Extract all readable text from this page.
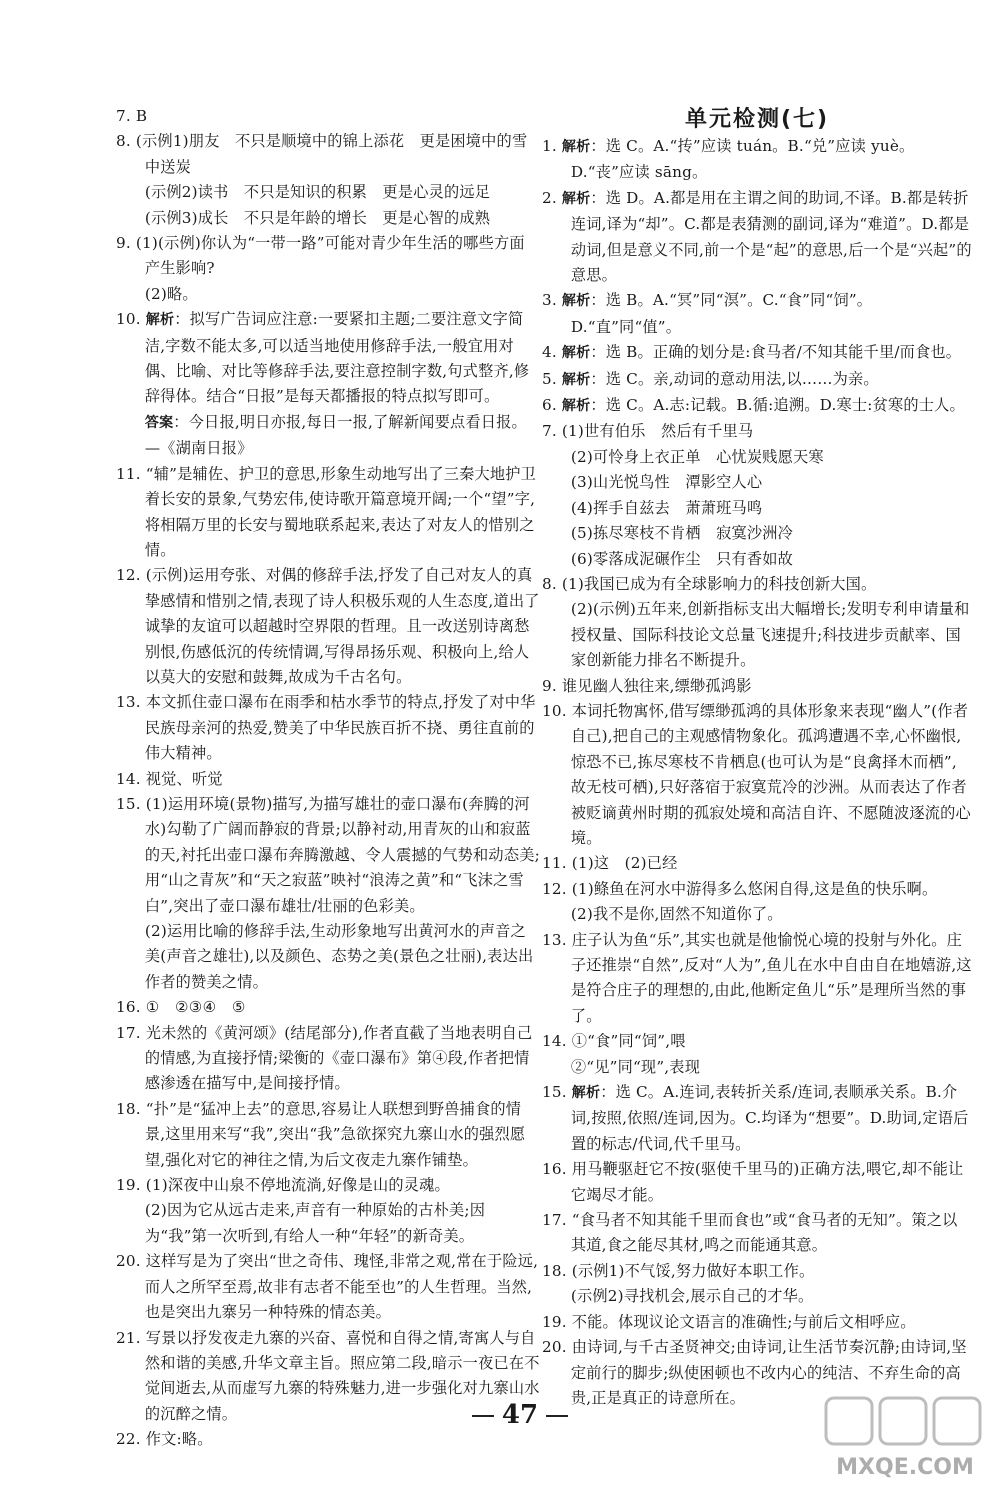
7. B

8. (示例1)朋友　不只是顺境中的锦上添花　更是困境中的雪中送炭

(示例2)读书　不只是知识的积累　更是心灵的远足

(示例3)成长　不只是年龄的增长　更是心智的成熟

9. (1)(示例)你认为“一带一路”可能对青少年生活的哪些方面产生影响?

(2)略。

10. 解析：拟写广告词应注意:一要紧扣主题;二要注意文字简洁,字数不能太多,可以适当地使用修辞手法,一般宜用对偶、比喻、对比等修辞手法,要注意控制字数,句式整齐,修辞得体。结合“日报”是每天都播报的特点拟写即可。

答案：今日报,明日亦报,每日一报,了解新闻要点看日报。　—《湖南日报》

11. “辅”是辅佐、护卫的意思,形象生动地写出了三秦大地护卫着长安的景象,气势宏伟,使诗歌开篇意境开阔;一个“望”字,将相隔万里的长安与蜀地联系起来,表达了对友人的惜别之情。

12. (示例)运用夸张、对偶的修辞手法,抒发了自己对友人的真挚感情和惜别之情,表现了诗人积极乐观的人生态度,道出了诚挚的友谊可以超越时空界限的哲理。且一改送别诗离愁别恨,伤感低沉的传统情调,写得昂扬乐观、积极向上,给人以莫大的安慰和鼓舞,故成为千古名句。

13. 本文抓住壶口瀑布在雨季和枯水季节的特点,抒发了对中华民族母亲河的热爱,赞美了中华民族百折不挠、勇往直前的伟大精神。

14. 视觉、听觉

15. (1)运用环境(景物)描写,为描写雄壮的壶口瀑布(奔腾的河水)勾勒了广阔而静寂的背景;以静衬动,用青灰的山和寂蓝的天,衬托出壶口瀑布奔腾激越、令人震撼的气势和动态美;用“山之青灰”和“天之寂蓝”映衬“浪涛之黄”和“飞沫之雪白”,突出了壶口瀑布雄壮/壮丽的色彩美。

(2)运用比喻的修辞手法,生动形象地写出黄河水的声音之美(声音之雄壮),以及颜色、态势之美(景色之壮丽),表达出作者的赞美之情。

16. ①　②③④　⑤

17. 光未然的《黄河颂》(结尾部分),作者直截了当地表明自己的情感,为直接抒情;梁衡的《壶口瀑布》第④段,作者把情感渗透在描写中,是间接抒情。

18. “扑”是“猛冲上去”的意思,容易让人联想到野兽捕食的情景,这里用来写“我”,突出“我”急欲探究九寨山水的强烈愿望,强化对它的神往之情,为后文夜走九寨作铺垫。

19. (1)深夜中山泉不停地流淌,好像是山的灵魂。

(2)因为它从远古走来,声音有一种原始的古朴美;因为“我”第一次听到,有给人一种“年轻”的新奇美。

20. 这样写是为了突出“世之奇伟、瑰怪,非常之观,常在于险远,而人之所罕至焉,故非有志者不能至也”的人生哲理。当然,也是突出九寨另一种特殊的情态美。

21. 写景以抒发夜走九寨的兴奋、喜悦和自得之情,寄寓人与自然和谐的美感,升华文章主旨。照应第二段,暗示一夜已在不觉间逝去,从而虚写九寨的特殊魅力,进一步强化对九寨山水的沉醉之情。

22. 作文:略。

单元检测(七)

1. 解析：选 C。A.“抟”应读 tuán。B.“兑”应读 yuè。D.“丧”应读 sāng。

2. 解析：选 D。A.都是用在主谓之间的助词,不译。B.都是转折连词,译为“却”。C.都是表猜测的副词,译为“难道”。D.都是动词,但是意义不同,前一个是“起”的意思,后一个是“兴起”的意思。

3. 解析：选 B。A.“冥”同“溟”。C.“食”同“饲”。D.“直”同“值”。

4. 解析：选 B。正确的划分是:食马者/不知其能千里/而食也。

5. 解析：选 C。亲,动词的意动用法,以……为亲。

6. 解析：选 C。A.志:记载。B.循:追溯。D.寒士:贫寒的士人。

7. (1)世有伯乐　然后有千里马

(2)可怜身上衣正单　心忧炭贱愿天寒

(3)山光悦鸟性　潭影空人心

(4)挥手自兹去　萧萧班马鸣

(5)拣尽寒枝不肯栖　寂寞沙洲冷

(6)零落成泥碾作尘　只有香如故

8. (1)我国已成为有全球影响力的科技创新大国。

(2)(示例)五年来,创新指标支出大幅增长;发明专利申请量和授权量、国际科技论文总量飞速提升;科技进步贡献率、国家创新能力排名不断提升。

9. 谁见幽人独往来,缥缈孤鸿影

10. 本词托物寓怀,借写缥缈孤鸿的具体形象来表现“幽人”(作者自己),把自己的主观感情物象化。孤鸿遭遇不幸,心怀幽恨,惊恐不已,拣尽寒枝不肯栖息(也可认为是“良禽择木而栖”,故无枝可栖),只好落宿于寂寞荒冷的沙洲。从而表达了作者被贬谪黄州时期的孤寂处境和高洁自许、不愿随波逐流的心境。

11. (1)这　(2)已经

12. (1)鲦鱼在河水中游得多么悠闲自得,这是鱼的快乐啊。

(2)我不是你,固然不知道你了。

13. 庄子认为鱼“乐”,其实也就是他愉悦心境的投射与外化。庄子还推崇“自然”,反对“人为”,鱼儿在水中自由自在地嬉游,这是符合庄子的理想的,由此,他断定鱼儿“乐”是理所当然的事了。

14. ①“食”同“饲”,喂

②“见”同“现”,表现

15. 解析：选 C。A.连词,表转折关系/连词,表顺承关系。B.介词,按照,依照/连词,因为。C.均译为“想要”。D.助词,定语后置的标志/代词,代千里马。

16. 用马鞭驱赶它不按(驱使千里马的)正确方法,喂它,却不能让它竭尽才能。

17. “食马者不知其能千里而食也”或“食马者的无知”。策之以其道,食之能尽其材,鸣之而能通其意。

18. (示例1)不气馁,努力做好本职工作。

(示例2)寻找机会,展示自己的才华。

19. 不能。体现议论文语言的准确性;与前后文相呼应。

20. 由诗词,与千古圣贤神交;由诗词,让生活节奏沉静;由诗词,坚定前行的脚步;纵使困顿也不改内心的纯洁、不弃生命的高贵,正是真正的诗意所在。

47
MXQE.COM
